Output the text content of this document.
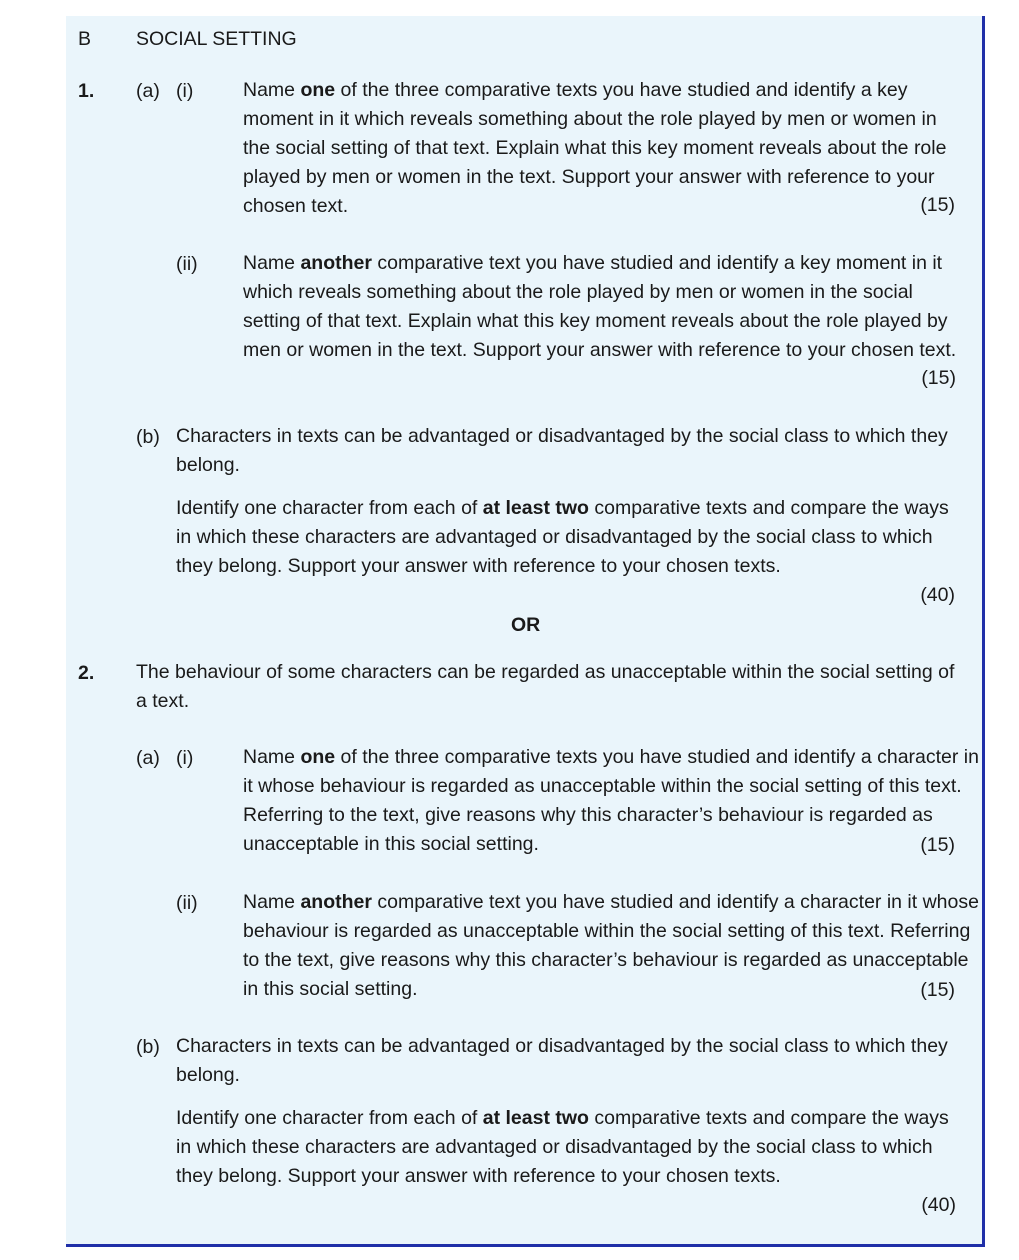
B SOCIAL SETTING
1. (a) (i)	Name one of the three comparative texts you have studied and identify a key moment in it which reveals something about the role played by men or women in the social setting of that text. Explain what this key moment reveals about the role played by men or women in the text. Support your answer with reference to your chosen text.	(15)
(ii) Name another comparative text you have studied and identify a key moment in it which reveals something about the role played by men or women in the social setting of that text. Explain what this key moment reveals about the role played by men or women in the text. Support your answer with reference to your chosen text.
(15)
(b) Characters in texts can be advantaged or disadvantaged by the social class to which they belong.
Identify one character from each of at least two comparative texts and compare the ways in which these characters are advantaged or disadvantaged by the social class to which they belong. Support your answer with reference to your chosen texts.
(40)
OR
2. The behaviour of some characters can be regarded as unacceptable within the social setting of a text.
(a) (i)	Name one of the three comparative texts you have studied and identify a character in it whose behaviour is regarded as unacceptable within the social setting of this text. Referring to the text, give reasons why this character’s behaviour is regarded as unacceptable in this social setting.	(15)
(ii) Name another comparative text you have studied and identify a character in it whose behaviour is regarded as unacceptable within the social setting of this text. Referring to the text, give reasons why this character’s behaviour is regarded as unacceptable in this social setting.	(15)
(b) Characters in texts can be advantaged or disadvantaged by the social class to which they belong.
Identify one character from each of at least two comparative texts and compare the ways in which these characters are advantaged or disadvantaged by the social class to which they belong. Support your answer with reference to your chosen texts.
(40)
